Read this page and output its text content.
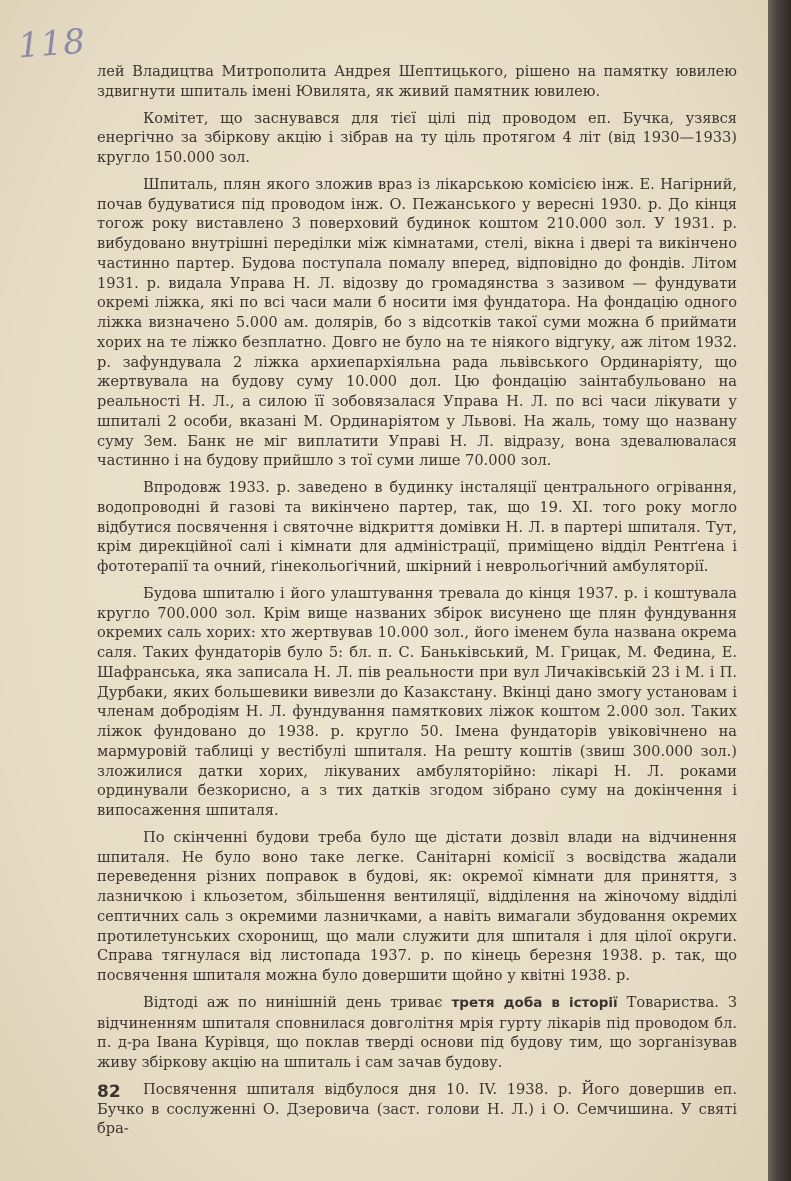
118

лей Владицтва Митрополита Андрея Шептицького, рішено на памятку ювилею здвигнути шпиталь імені Ювилята, як живий памятник ювилею.

Комітет, що заснувався для тієї цілі під проводом еп. Бучка, узявся енергічно за збіркову акцію і зібрав на ту ціль протягом 4 літ (від 1930—1933) кругло 150.000 зол.

Шпиталь, плян якого зложив враз із лікарською комісією інж. Е. Нагірний, почав будуватися під проводом інж. О. Пежанського у вересні 1930. р. До кінця тогож року виставлено 3 поверховий будинок коштом 210.000 зол. У 1931. р. вибудовано внутрішні переділки між кімнатами, стелі, вікна і двері та викінчено частинно партер. Будова поступала помалу вперед, відповідно до фондів. Літом 1931. р. видала Управа Н. Л. відозву до громадянства з зазивом — фундувати окремі ліжка, які по всі часи мали б носити імя фундатора. На фондацію одного ліжка визначено 5.000 ам. долярів, бо з відсотків такої суми можна б приймати хорих на те ліжко безплатно. Довго не було на те ніякого відгуку, аж літом 1932. р. зафундувала 2 ліжка архиепархіяльна рада львівського Ординаріяту, що жертвувала на будову суму 10.000 дол. Цю фондацію заінтабульовано на реальності Н. Л., а силою її зобовязалася Управа Н. Л. по всі часи лікувати у шпиталі 2 особи, вказані М. Ординаріятом у Львові. На жаль, тому що названу суму Зем. Банк не міг виплатити Управі Н. Л. відразу, вона здевалювалася частинно і на будову прийшло з тої суми лише 70.000 зол.

Впродовж 1933. р. заведено в будинку інсталяції центрального огрівання, водопроводні й газові та викінчено партер, так, що 19. XI. того року могло відбутися посвячення і святочне відкриття домівки Н. Л. в партері шпиталя. Тут, крім дирекційної салі і кімнати для адміністрації, приміщено відділ Рентґена і фототерапії та очний, ґінекольоґічний, шкірний і неврольоґічний амбуляторії.

Будова шпиталю і його улаштування тревала до кінця 1937. р. і коштувала кругло 700.000 зол. Крім вище названих збірок висунено ще плян фундування окремих саль хорих: хто жертвував 10.000 зол., його іменем була названа окрема саля. Таких фундаторів було 5: бл. п. С. Баньківський, М. Грицак, М. Федина, Е. Шафранська, яка записала Н. Л. пів реальности при вул Личаківській 23 і М. і П. Дурбаки, яких большевики вивезли до Казакстану. Вкінці дано змогу установам і членам добродіям Н. Л. фундування памяткових ліжок коштом 2.000 зол. Таких ліжок фундовано до 1938. р. кругло 50. Імена фундаторів увіковічнено на мармуровій таблиці у вестібулі шпиталя. На решту коштів (звиш 300.000 зол.) зложилися датки хорих, лікуваних амбуляторійно: лікарі Н. Л. роками ординували безкорисно, а з тих датків згодом зібрано суму на докінчення і випосаження шпиталя.

По скінченні будови треба було ще дістати дозвіл влади на відчинення шпиталя. Не було воно таке легке. Санітарні комісії з восвідства жадали переведення різних поправок в будові, як: окремої кімнати для приняття, з лазничкою і кльозетом, збільшення вентиляції, відділення на жіночому відділі септичних саль з окремими лазничками, а навіть вимагали збудовання окремих протилетунських схоронищ, що мали служити для шпиталя і для цілої округи. Справа тягнулася від листопада 1937. р. по кінець березня 1938. р. так, що посвячення шпиталя можна було довершити щойно у квітні 1938. р.

Відтоді аж по нинішній день триває третя доба в історії Товариства. З відчиненням шпиталя сповнилася довголітня мрія гурту лікарів під проводом бл. п. д-ра Івана Курівця, що поклав тверді основи під будову тим, що зорганізував живу збіркову акцію на шпиталь і сам зачав будову.

Посвячення шпиталя відбулося дня 10. IV. 1938. р. Його довершив еп. Бучко в сослуженні О. Дзеровича (заст. голови Н. Л.) і О. Семчишина. У святі бра-

82
